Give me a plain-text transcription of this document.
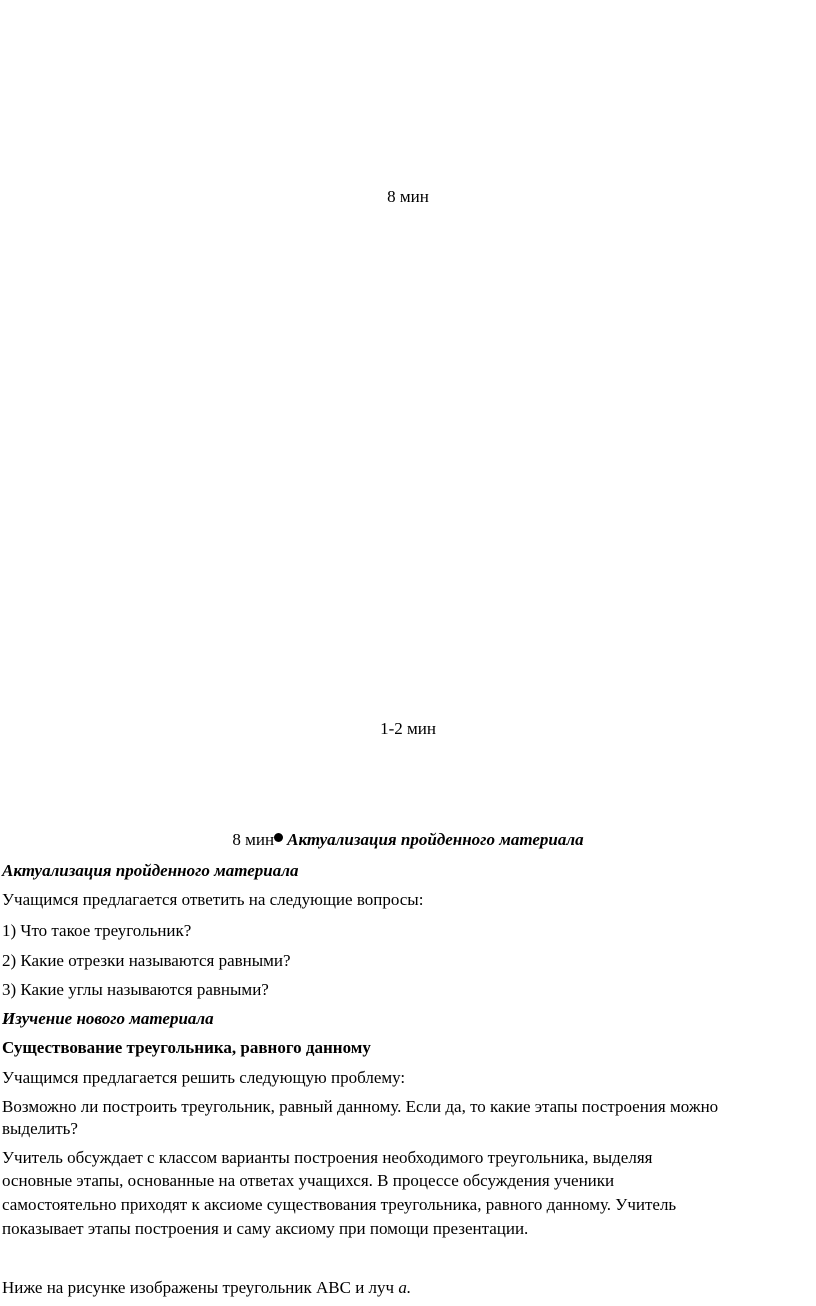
8 мин
1-2 мин
8 мин Актуализация пройденного материала
Актуализация пройденного материала
Учащимся предлагается ответить на следующие вопросы:
1) Что такое треугольник?
2) Какие отрезки называются равными?
3) Какие углы называются равными?
Изучение нового материала
Существование треугольника, равного данному
Учащимся предлагается решить следующую проблему:
Возможно ли построить треугольник, равный данному. Если да, то какие этапы построения можно
выделить?
Учитель обсуждает с классом варианты построения необходимого треугольника, выделяя
основные этапы, основанные на ответах учащихся. В процессе обсуждения ученики
самостоятельно приходят к аксиоме существования треугольника, равного данному. Учитель
показывает этапы построения и саму аксиому при помощи презентации.
Ниже на рисунке изображены треугольник АВС и луч а.
